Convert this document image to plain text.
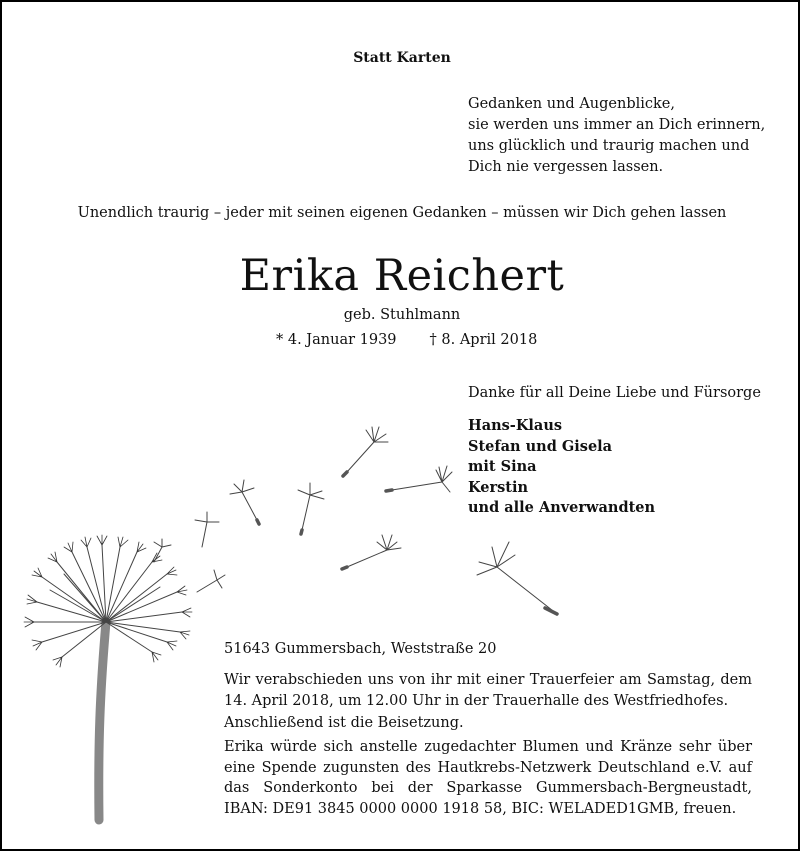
Statt Karten
Gedanken und Augenblicke,
sie werden uns immer an Dich erinnern,
uns glücklich und traurig machen und
Dich nie vergessen lassen.
Unendlich traurig – jeder mit seinen eigenen Gedanken – müssen wir Dich gehen lassen
Erika Reichert
geb. Stuhlmann
* 4. Januar 1939 † 8. April 2018
Danke für all Deine Liebe und Fürsorge
Hans-Klaus
Stefan und Gisela
mit Sina
Kerstin
und alle Anverwandten
51643 Gummersbach, Weststraße 20
Wir verabschieden uns von ihr mit einer Trauerfeier am Samstag, dem 14. April 2018, um 12.00 Uhr in der Trauerhalle des Westfriedhofes.
Anschließend ist die Beisetzung.
Erika würde sich anstelle zugedachter Blumen und Kränze sehr über eine Spende zugunsten des Hautkrebs-Netzwerk Deutschland e.V. auf das Sonderkonto bei der Sparkasse Gummersbach-Bergneustadt, IBAN: DE91 3845 0000 0000 1918 58, BIC: WELADED1GMB, freuen.
